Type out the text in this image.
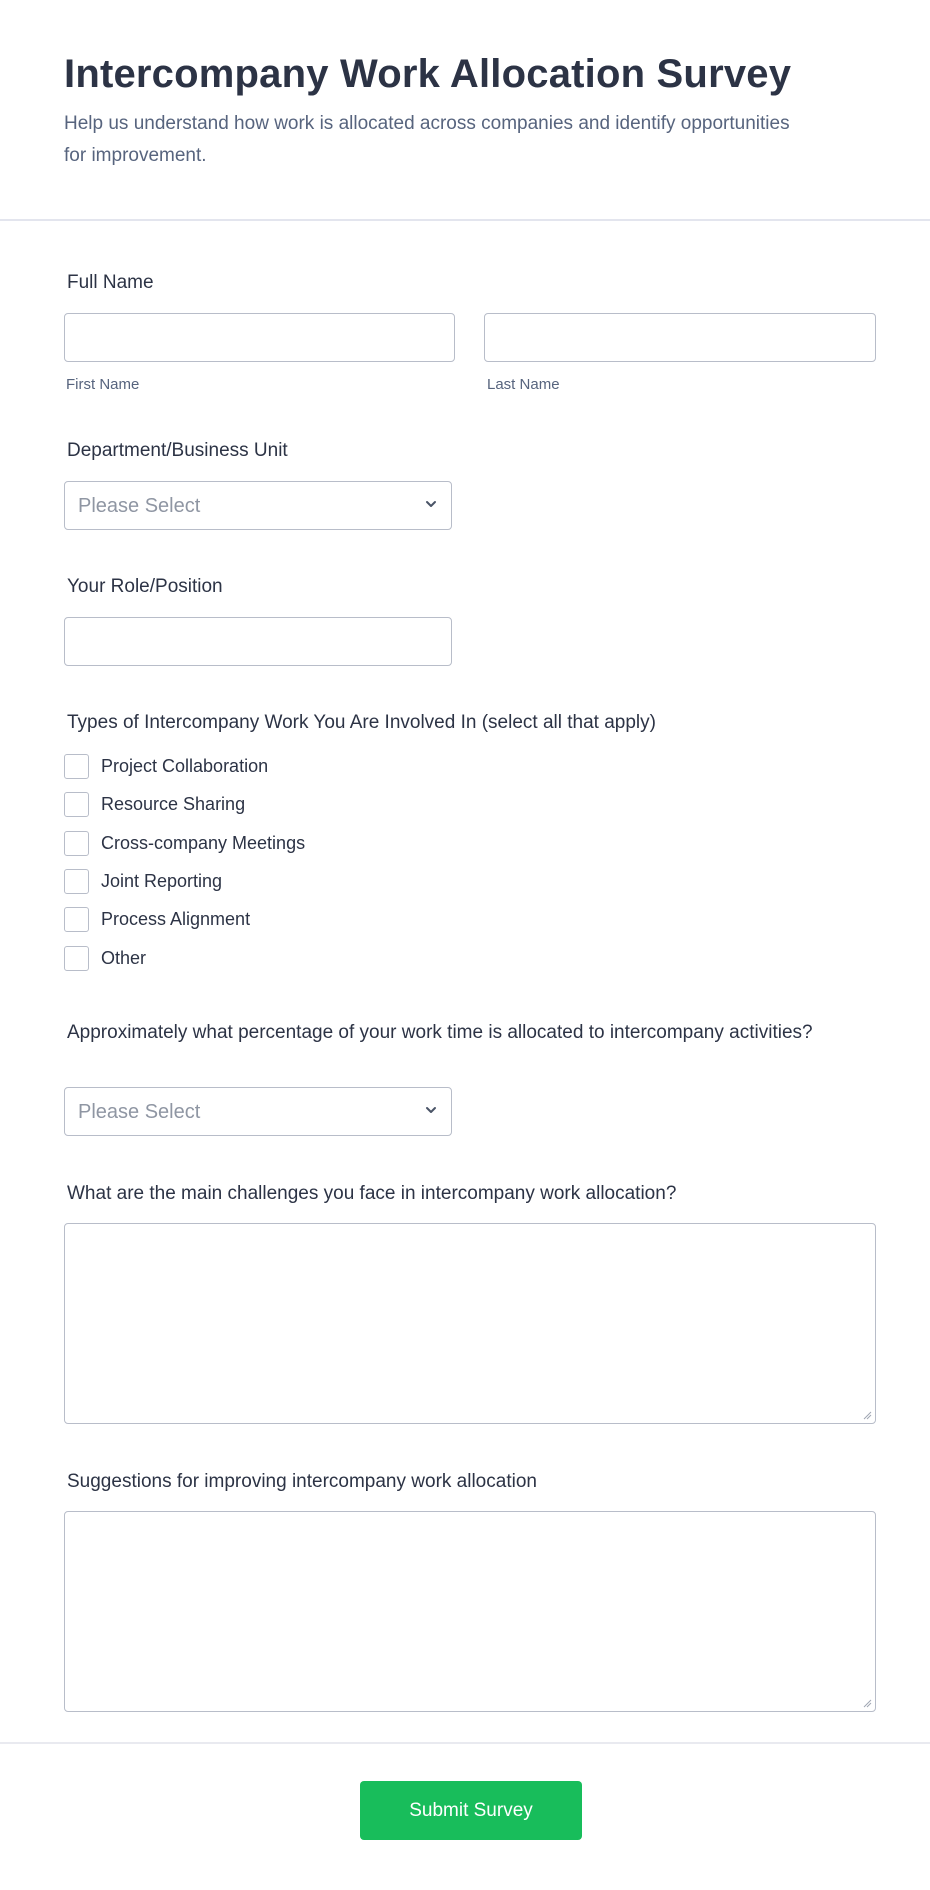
Intercompany Work Allocation Survey

Help us understand how work is allocated across companies and identify opportunities for improvement.

Full Name
First Name	Last Name
Department/Business Unit
Please Select
Your Role/Position
Types of Intercompany Work You Are Involved In (select all that apply)
Project Collaboration
Resource Sharing
Cross-company Meetings
Joint Reporting
Process Alignment
Other
Approximately what percentage of your work time is allocated to intercompany activities?
Please Select
What are the main challenges you face in intercompany work allocation?
Suggestions for improving intercompany work allocation
Submit Survey
